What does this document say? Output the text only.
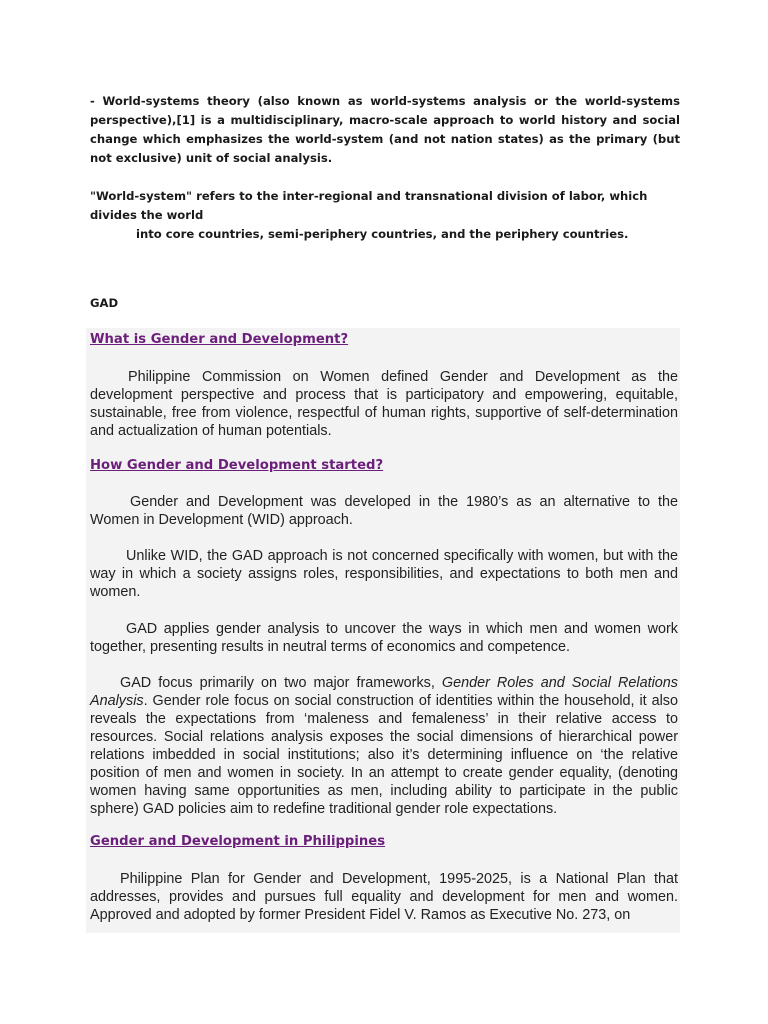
- World-systems theory (also known as world-systems analysis or the world-systems perspective),[1] is a multidisciplinary, macro-scale approach to world history and social change which emphasizes the world-system (and not nation states) as the primary (but not exclusive) unit of social analysis.
"World-system" refers to the inter-regional and transnational division of labor, which divides the world
into core countries, semi-periphery countries, and the periphery countries.
GAD
What is Gender and Development?
Philippine Commission on Women defined Gender and Development as the development perspective and process that is participatory and empowering, equitable, sustainable, free from violence, respectful of human rights, supportive of self-determination and actualization of human potentials.
How Gender and Development started?
Gender and Development was developed in the 1980’s as an alternative to the Women in Development (WID) approach.
Unlike WID, the GAD approach is not concerned specifically with women, but with the way in which a society assigns roles, responsibilities, and expectations to both men and women.
GAD applies gender analysis to uncover the ways in which men and women work together, presenting results in neutral terms of economics and competence.
GAD focus primarily on two major frameworks, Gender Roles and Social Relations Analysis. Gender role focus on social construction of identities within the household, it also reveals the expectations from ‘maleness and femaleness’ in their relative access to resources. Social relations analysis exposes the social dimensions of hierarchical power relations imbedded in social institutions; also it’s determining influence on ‘the relative position of men and women in society. In an attempt to create gender equality, (denoting women having same opportunities as men, including ability to participate in the public sphere) GAD policies aim to redefine traditional gender role expectations.
Gender and Development in Philippines
Philippine Plan for Gender and Development, 1995-2025, is a National Plan that addresses, provides and pursues full equality and development for men and women. Approved and adopted by former President Fidel V. Ramos as Executive No. 273, on
